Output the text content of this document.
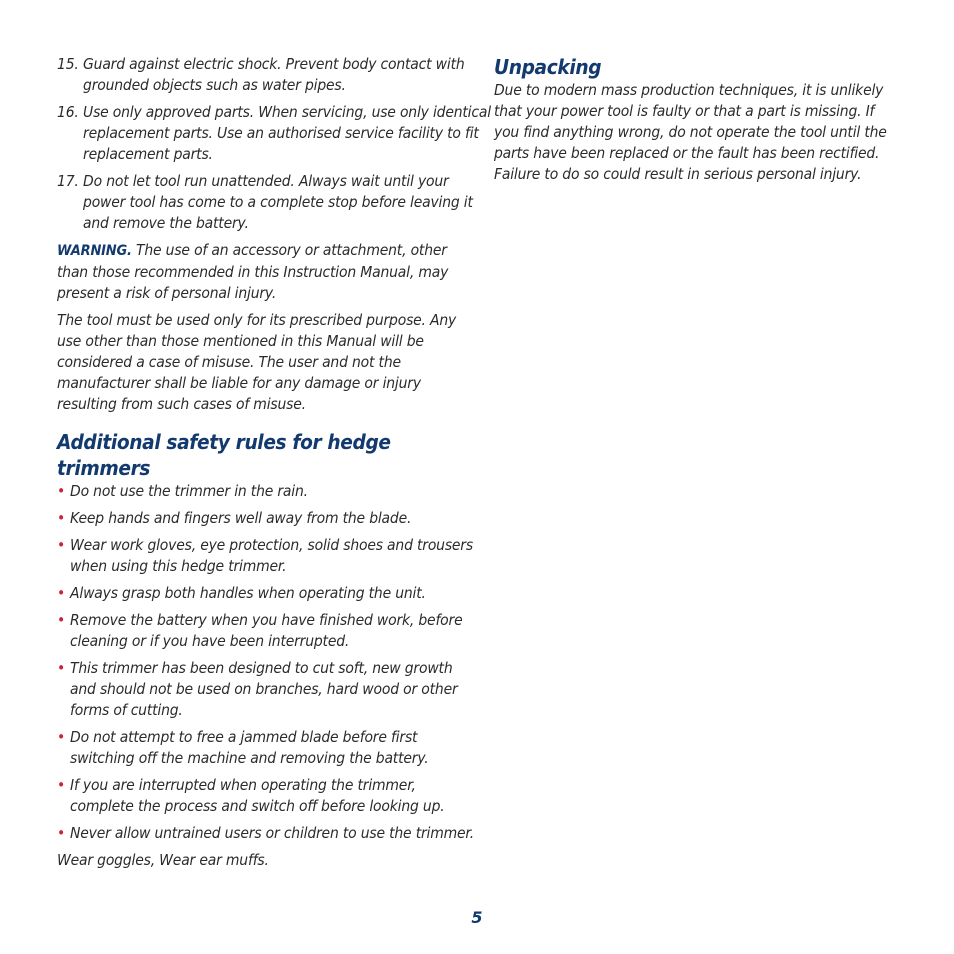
15. Guard against electric shock. Prevent body contact with grounded objects such as water pipes.
16. Use only approved parts. When servicing, use only identical replacement parts. Use an authorised service facility to fit replacement parts.
17. Do not let tool run unattended. Always wait until your power tool has come to a complete stop before leaving it and remove the battery.

WARNING. The use of an accessory or attachment, other than those recommended in this Instruction Manual, may present a risk of personal injury.

The tool must be used only for its prescribed purpose. Any use other than those mentioned in this Manual will be considered a case of misuse. The user and not the manufacturer shall be liable for any damage or injury resulting from such cases of misuse.

Additional safety rules for hedge trimmers
• Do not use the trimmer in the rain.
• Keep hands and fingers well away from the blade.
• Wear work gloves, eye protection, solid shoes and trousers when using this hedge trimmer.
• Always grasp both handles when operating the unit.
• Remove the battery when you have finished work, before cleaning or if you have been interrupted.
• This trimmer has been designed to cut soft, new growth and should not be used on branches, hard wood or other forms of cutting.
• Do not attempt to free a jammed blade before first switching off the machine and removing the battery.
• If you are interrupted when operating the trimmer, complete the process and switch off before looking up.
• Never allow untrained users or children to use the trimmer.

Wear goggles, Wear ear muffs.

Unpacking

Due to modern mass production techniques, it is unlikely that your power tool is faulty or that a part is missing. If you find anything wrong, do not operate the tool until the parts have been replaced or the fault has been rectified. Failure to do so could result in serious personal injury.

5
